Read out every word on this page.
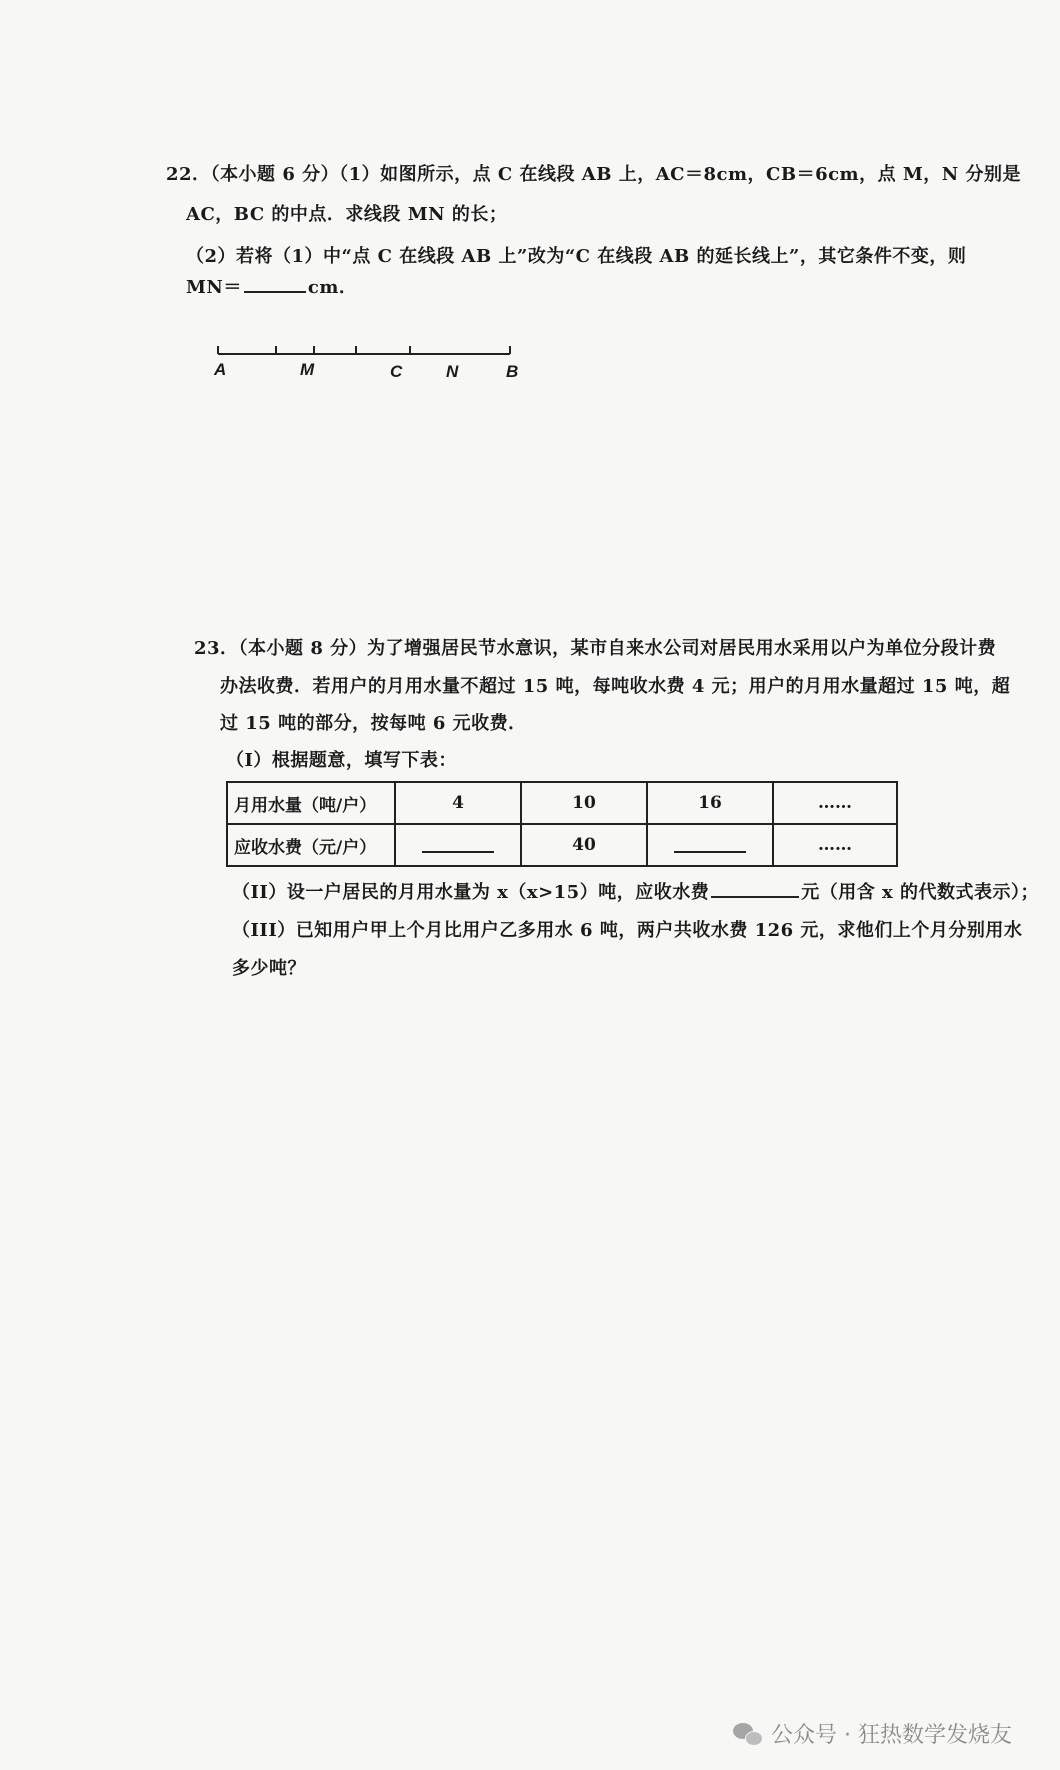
22．（本小题 6 分）（1）如图所示，点 C 在线段 AB 上，AC＝8cm，CB＝6cm，点 M，N 分别是
AC，BC 的中点．求线段 MN 的长；
（2）若将（1）中“点 C 在线段 AB 上”改为“C 在线段 AB 的延长线上”，其它条件不变，则
MN＝	cm．
A	M	C	N	B
23．（本小题 8 分）为了增强居民节水意识，某市自来水公司对居民用水采用以户为单位分段计费
办法收费．若用户的月用水量不超过 15 吨，每吨收水费 4 元；用户的月用水量超过 15 吨，超
过 15 吨的部分，按每吨 6 元收费．
（I）根据题意，填写下表：
月用水量（吨/户）	4	10	16	……
应收水费（元/户）		40		……
（II）设一户居民的月用水量为 x（x>15）吨，应收水费	元（用含 x 的代数式表示）；
（III）已知用户甲上个月比用户乙多用水 6 吨，两户共收水费 126 元，求他们上个月分别用水
多少吨？
公众号 · 狂热数学发烧友
